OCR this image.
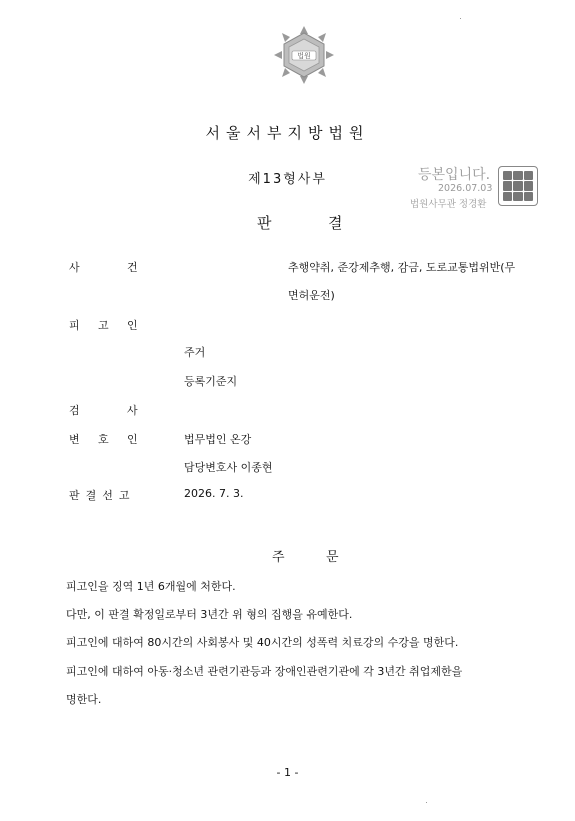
법원
서울서부지방법원
제13형사부
판	결
등본입니다.
2026.07.03
법원사무관 정경환
사	건	추행약취, 준강제추행, 감금, 도로교통법위반(무
면허운전)
피 고 인
주거
등록기준지
검	사
변 호 인	법무법인 온강
담당변호사 이종현
판결선고	2026. 7. 3.
주	문
피고인을 징역 1년 6개월에 처한다.
다만, 이 판결 확정일로부터 3년간 위 형의 집행을 유예한다.
피고인에 대하여 80시간의 사회봉사 및 40시간의 성폭력 치료강의 수강을 명한다.
피고인에 대하여 아동·청소년 관련기관등과 장애인관련기관에 각 3년간 취업제한을
명한다.
- 1 -
